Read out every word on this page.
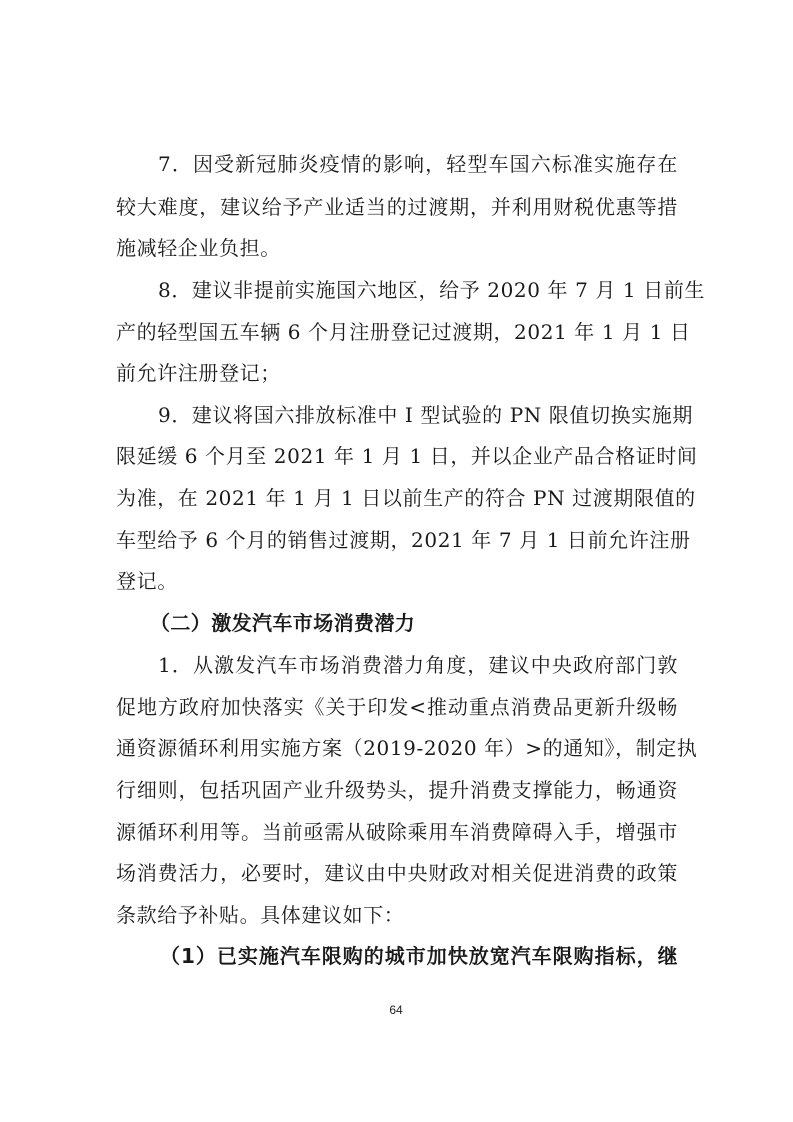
7．因受新冠肺炎疫情的影响，轻型车国六标准实施存在
较大难度，建议给予产业适当的过渡期，并利用财税优惠等措
施减轻企业负担。
8．建议非提前实施国六地区，给予 2020 年 7 月 1 日前生
产的轻型国五车辆 6 个月注册登记过渡期，2021 年 1 月 1 日
前允许注册登记；
9．建议将国六排放标准中 I 型试验的 PN 限值切换实施期
限延缓 6 个月至 2021 年 1 月 1 日，并以企业产品合格证时间
为准，在 2021 年 1 月 1 日以前生产的符合 PN 过渡期限值的
车型给予 6 个月的销售过渡期，2021 年 7 月 1 日前允许注册
登记。
（二）激发汽车市场消费潜力
1．从激发汽车市场消费潜力角度，建议中央政府部门敦
促地方政府加快落实《关于印发<推动重点消费品更新升级畅
通资源循环利用实施方案（2019-2020 年）>的通知》，制定执
行细则，包括巩固产业升级势头，提升消费支撑能力，畅通资
源循环利用等。当前亟需从破除乘用车消费障碍入手，增强市
场消费活力，必要时，建议由中央财政对相关促进消费的政策
条款给予补贴。具体建议如下：
（1）已实施汽车限购的城市加快放宽汽车限购指标，继
64
